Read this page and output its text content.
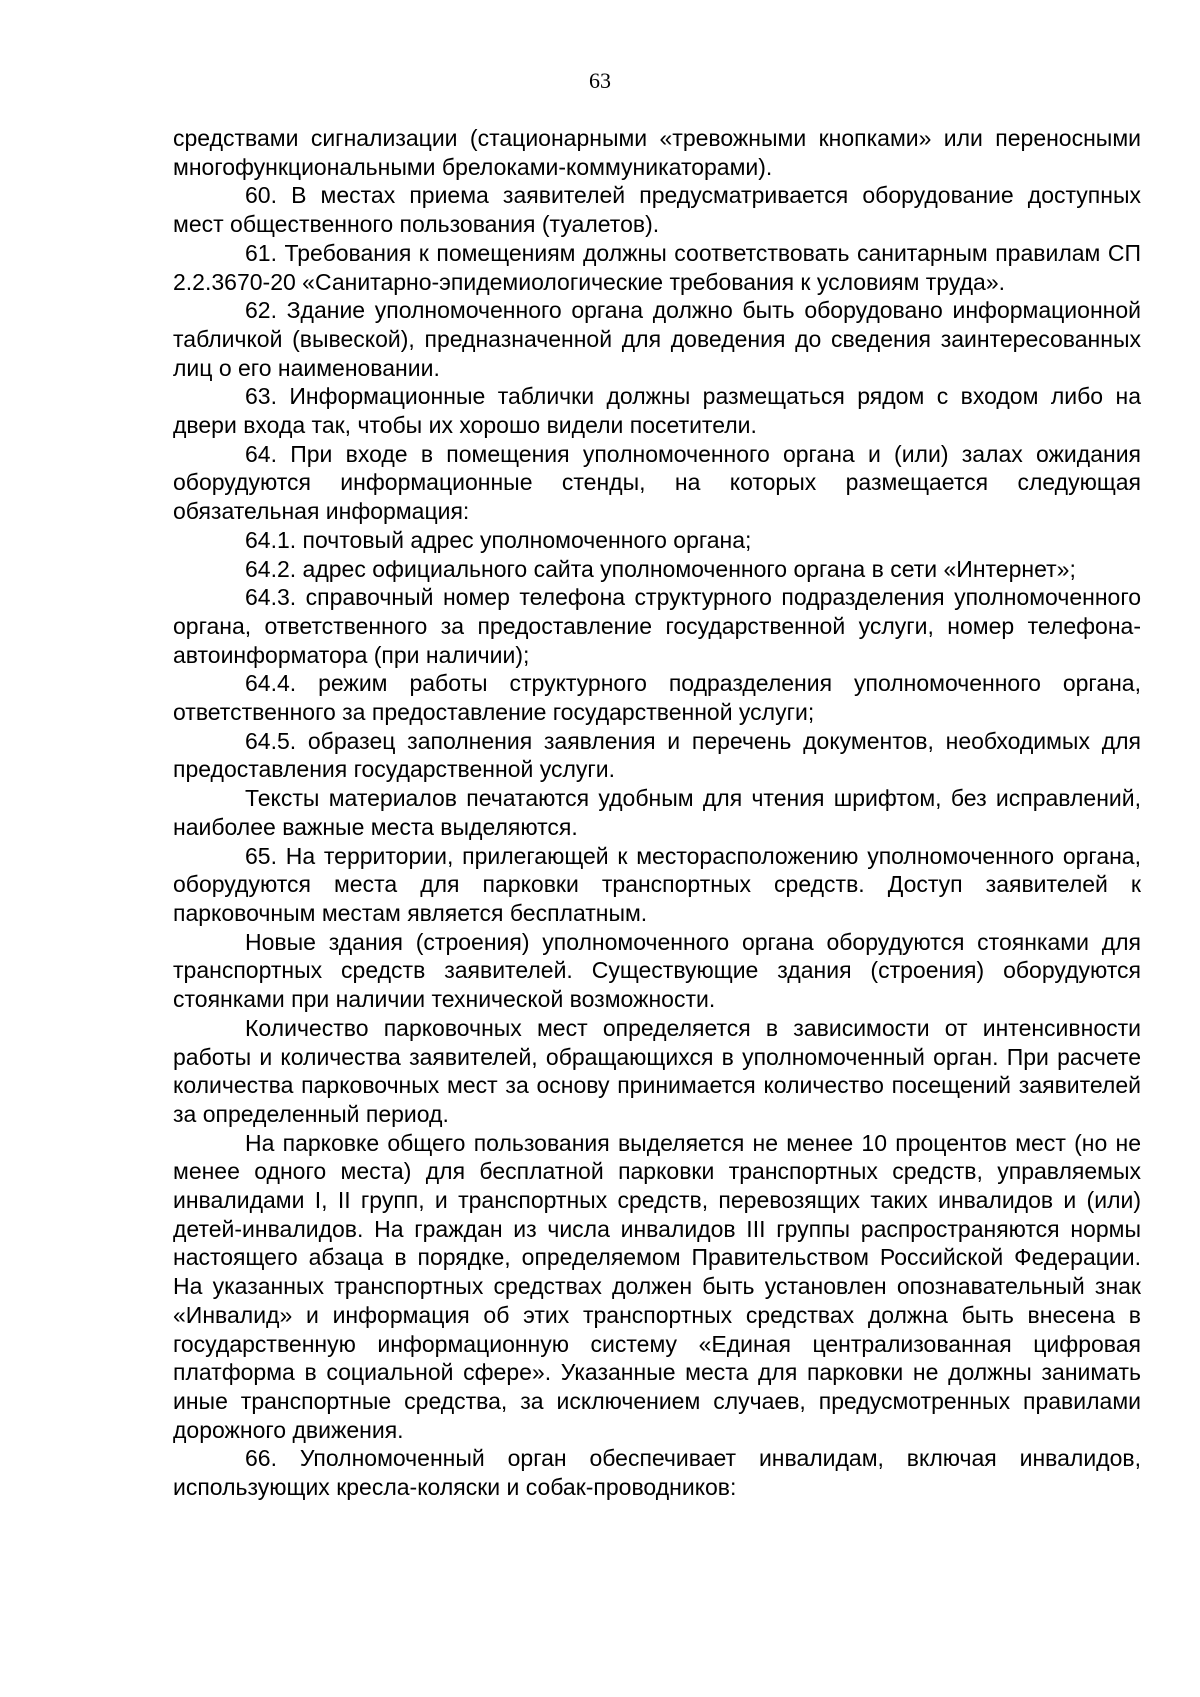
63

средствами сигнализации (стационарными «тревожными кнопками» или переносными многофункциональными брелоками-коммуникаторами).

60. В местах приема заявителей предусматривается оборудование доступных мест общественного пользования (туалетов).

61. Требования к помещениям должны соответствовать санитарным правилам СП 2.2.3670-20 «Санитарно-эпидемиологические требования к условиям труда».

62. Здание уполномоченного органа должно быть оборудовано информационной табличкой (вывеской), предназначенной для доведения до сведения заинтересованных лиц о его наименовании.

63. Информационные таблички должны размещаться рядом с входом либо на двери входа так, чтобы их хорошо видели посетители.

64. При входе в помещения уполномоченного органа и (или) залах ожидания оборудуются информационные стенды, на которых размещается следующая обязательная информация:

64.1. почтовый адрес уполномоченного органа;

64.2. адрес официального сайта уполномоченного органа в сети «Интернет»;

64.3. справочный номер телефона структурного подразделения уполномоченного органа, ответственного за предоставление государственной услуги, номер телефона-автоинформатора (при наличии);

64.4. режим работы структурного подразделения уполномоченного органа, ответственного за предоставление государственной услуги;

64.5. образец заполнения заявления и перечень документов, необходимых для предоставления государственной услуги.

Тексты материалов печатаются удобным для чтения шрифтом, без исправлений, наиболее важные места выделяются.

65. На территории, прилегающей к месторасположению уполномоченного органа, оборудуются места для парковки транспортных средств. Доступ заявителей к парковочным местам является бесплатным.

Новые здания (строения) уполномоченного органа оборудуются стоянками для транспортных средств заявителей. Существующие здания (строения) оборудуются стоянками при наличии технической возможности.

Количество парковочных мест определяется в зависимости от интенсивности работы и количества заявителей, обращающихся в уполномоченный орган. При расчете количества парковочных мест за основу принимается количество посещений заявителей за определенный период.

На парковке общего пользования выделяется не менее 10 процентов мест (но не менее одного места) для бесплатной парковки транспортных средств, управляемых инвалидами I, II групп, и транспортных средств, перевозящих таких инвалидов и (или) детей-инвалидов. На граждан из числа инвалидов III группы распространяются нормы настоящего абзаца в порядке, определяемом Правительством Российской Федерации. На указанных транспортных средствах должен быть установлен опознавательный знак «Инвалид» и информация об этих транспортных средствах должна быть внесена в государственную информационную систему «Единая централизованная цифровая платформа в социальной сфере». Указанные места для парковки не должны занимать иные транспортные средства, за исключением случаев, предусмотренных правилами дорожного движения.

66. Уполномоченный орган обеспечивает инвалидам, включая инвалидов, использующих кресла-коляски и собак-проводников:
